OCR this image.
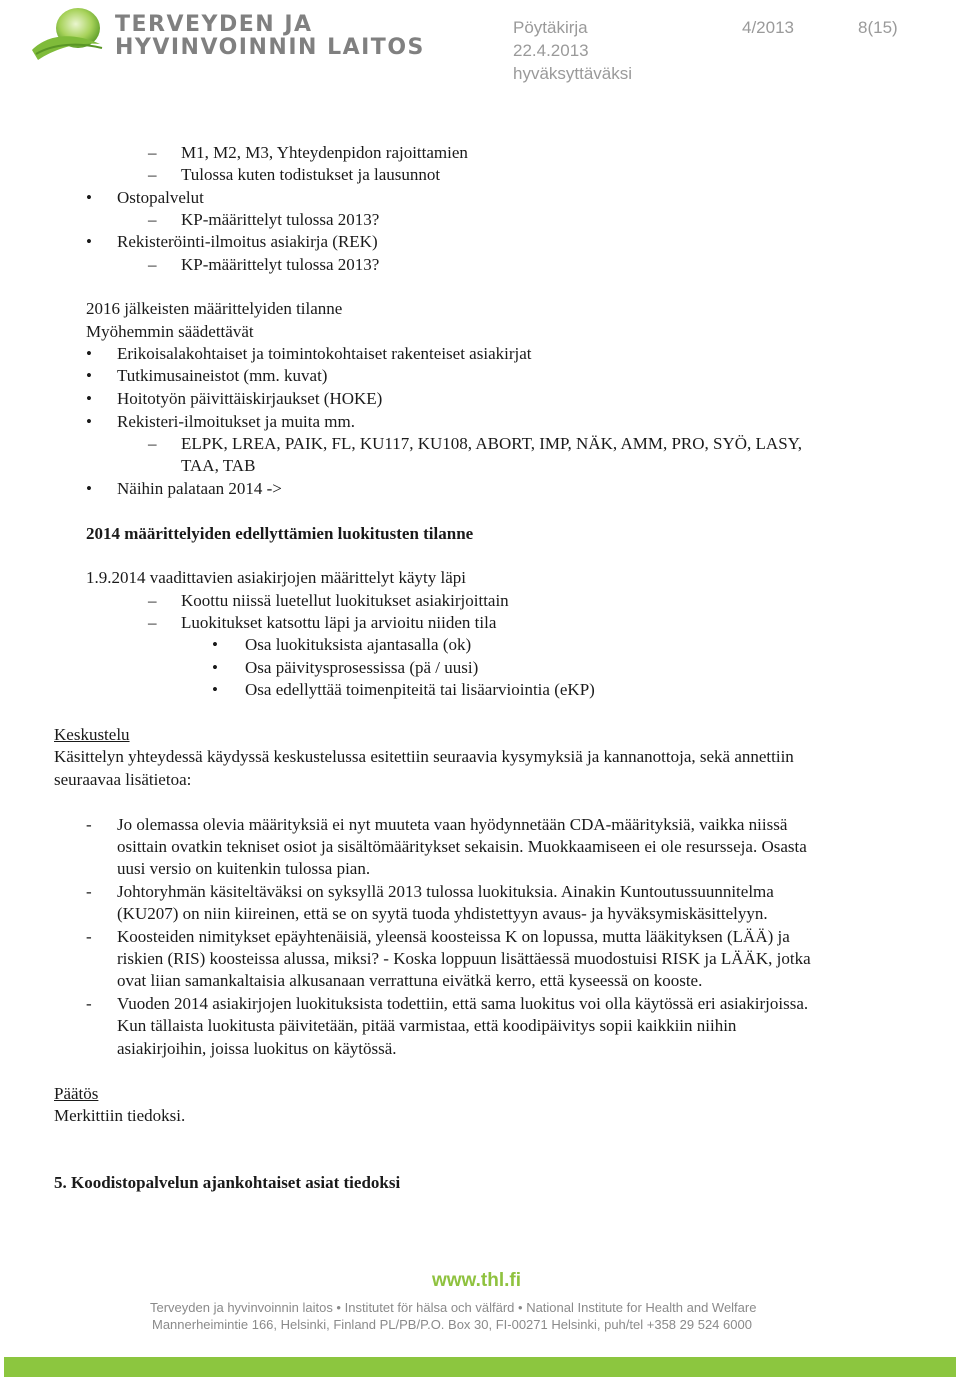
TERVEYDEN JA
HYVINVOINNIN LAITOS
Pöytäkirja	4/2013	8(15)
22.4.2013
hyväksyttäväksi
– M1, M2, M3, Yhteydenpidon rajoittamien
– Tulossa kuten todistukset ja lausunnot
• Ostopalvelut
– KP-määrittelyt tulossa 2013?
• Rekisteröinti-ilmoitus asiakirja (REK)
– KP-määrittelyt tulossa 2013?
2016 jälkeisten määrittelyiden tilanne
Myöhemmin säädettävät
• Erikoisalakohtaiset ja toimintokohtaiset rakenteiset asiakirjat
• Tutkimusaineistot (mm. kuvat)
• Hoitotyön päivittäiskirjaukset (HOKE)
• Rekisteri-ilmoitukset ja muita mm.
– ELPK, LREA, PAIK, FL, KU117, KU108, ABORT, IMP, NÄK, AMM, PRO, SYÖ, LASY,
TAA, TAB
• Näihin palataan 2014 ->
2014 määrittelyiden edellyttämien luokitusten tilanne
1.9.2014 vaadittavien asiakirjojen määrittelyt käyty läpi
– Koottu niissä luetellut luokitukset asiakirjoittain
– Luokitukset katsottu läpi ja arvioitu niiden tila
• Osa luokituksista ajantasalla (ok)
• Osa päivitysprosessissa (pä / uusi)
• Osa edellyttää toimenpiteitä tai lisäarviointia (eKP)
Keskustelu
Käsittelyn yhteydessä käydyssä keskustelussa esitettiin seuraavia kysymyksiä ja kannanottoja, sekä annettiin
seuraavaa lisätietoa:
- Jo olemassa olevia määrityksiä ei nyt muuteta vaan hyödynnetään CDA-määrityksiä, vaikka niissä
osittain ovatkin tekniset osiot ja sisältömääritykset sekaisin. Muokkaamiseen ei ole resursseja. Osasta
uusi versio on kuitenkin tulossa pian.
- Johtoryhmän käsiteltäväksi on syksyllä 2013 tulossa luokituksia. Ainakin Kuntoutussuunnitelma
(KU207) on niin kiireinen, että se on syytä tuoda yhdistettyyn avaus- ja hyväksymiskäsittelyyn.
- Koosteiden nimitykset epäyhtenäisiä, yleensä koosteissa K on lopussa, mutta lääkityksen (LÄÄ) ja
riskien (RIS) koosteissa alussa, miksi? - Koska loppuun lisättäessä muodostuisi RISK ja LÄÄK, jotka
ovat liian samankaltaisia alkusanaan verrattuna eivätkä kerro, että kyseessä on kooste.
- Vuoden 2014 asiakirjojen luokituksista todettiin, että sama luokitus voi olla käytössä eri asiakirjoissa.
Kun tällaista luokitusta päivitetään, pitää varmistaa, että koodipäivitys sopii kaikkiin niihin
asiakirjoihin, joissa luokitus on käytössä.
Päätös
Merkittiin tiedoksi.
5. Koodistopalvelun ajankohtaiset asiat tiedoksi
www.thl.fi
Terveyden ja hyvinvoinnin laitos • Institutet för hälsa och välfärd • National Institute for Health and Welfare
Mannerheimintie 166, Helsinki, Finland PL/PB/P.O. Box 30, FI-00271 Helsinki, puh/tel +358 29 524 6000
